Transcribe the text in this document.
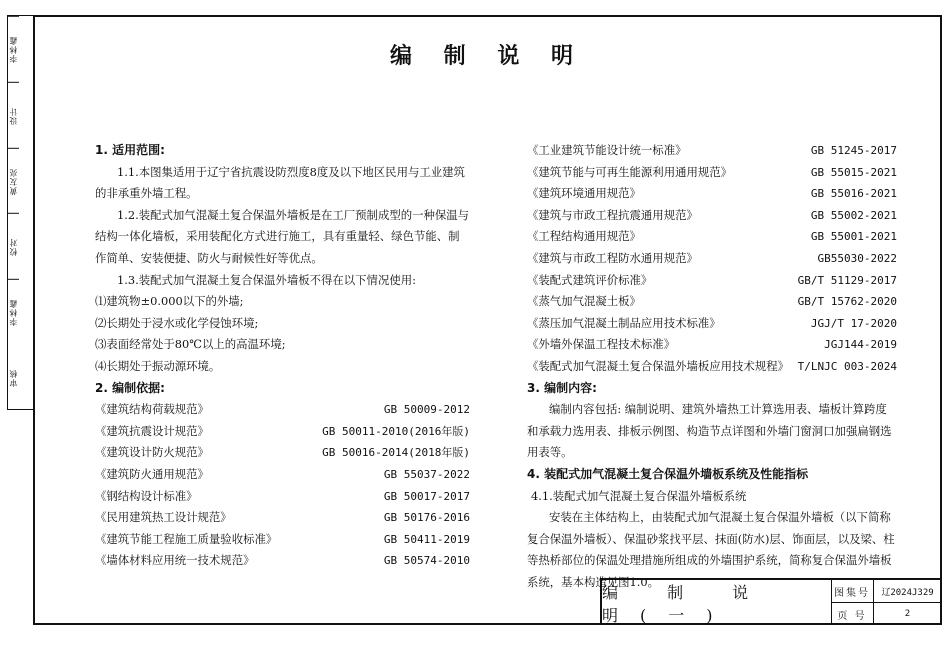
李林鑫
设计
黄友亮
校对
李林鑫
审核
编 制 说 明
1. 适用范围:
1.1.本图集适用于辽宁省抗震设防烈度8度及以下地区民用与工业建筑的非承重外墙工程。
1.2.装配式加气混凝土复合保温外墙板是在工厂预制成型的一种保温与结构一体化墙板，采用装配化方式进行施工，具有重量轻、绿色节能、制作简单、安装便捷、防火与耐候性好等优点。
1.3.装配式加气混凝土复合保温外墙板不得在以下情况使用:
⑴建筑物±0.000以下的外墙;
⑵长期处于浸水或化学侵蚀环境;
⑶表面经常处于80℃以上的高温环境;
⑷长期处于振动源环境。
2. 编制依据:
《建筑结构荷载规范》	GB 50009-2012
《建筑抗震设计规范》	GB 50011-2010(2016年版)
《建筑设计防火规范》	GB 50016-2014(2018年版)
《建筑防火通用规范》	GB 55037-2022
《钢结构设计标准》	GB 50017-2017
《民用建筑热工设计规范》	GB 50176-2016
《建筑节能工程施工质量验收标准》	GB 50411-2019
《墙体材料应用统一技术规范》	GB 50574-2010
《工业建筑节能设计统一标准》	GB 51245-2017
《建筑节能与可再生能源利用通用规范》	GB 55015-2021
《建筑环境通用规范》	GB 55016-2021
《建筑与市政工程抗震通用规范》	GB 55002-2021
《工程结构通用规范》	GB 55001-2021
《建筑与市政工程防水通用规范》	GB55030-2022
《装配式建筑评价标准》	GB/T 51129-2017
《蒸气加气混凝土板》	GB/T 15762-2020
《蒸压加气混凝土制品应用技术标准》	JGJ/T 17-2020
《外墙外保温工程技术标准》	JGJ144-2019
《装配式加气混凝土复合保温外墙板应用技术规程》 T/LNJC 003-2024
3. 编制内容:
编制内容包括: 编制说明、建筑外墙热工计算选用表、墙板计算跨度和承载力选用表、排板示例图、构造节点详图和外墙门窗洞口加强扁钢选用表等。
4. 装配式加气混凝土复合保温外墙板系统及性能指标
4.1.装配式加气混凝土复合保温外墙板系统
安装在主体结构上，由装配式加气混凝土复合保温外墙板（以下简称复合保温外墙板）、保温砂浆找平层、抹面(防水)层、饰面层，以及梁、柱等热桥部位的保温处理措施所组成的外墙围护系统，简称复合保温外墙板系统，基本构造见图1.0。
编 制 说 明(一)
图集号	辽2024J329
页 号	2
